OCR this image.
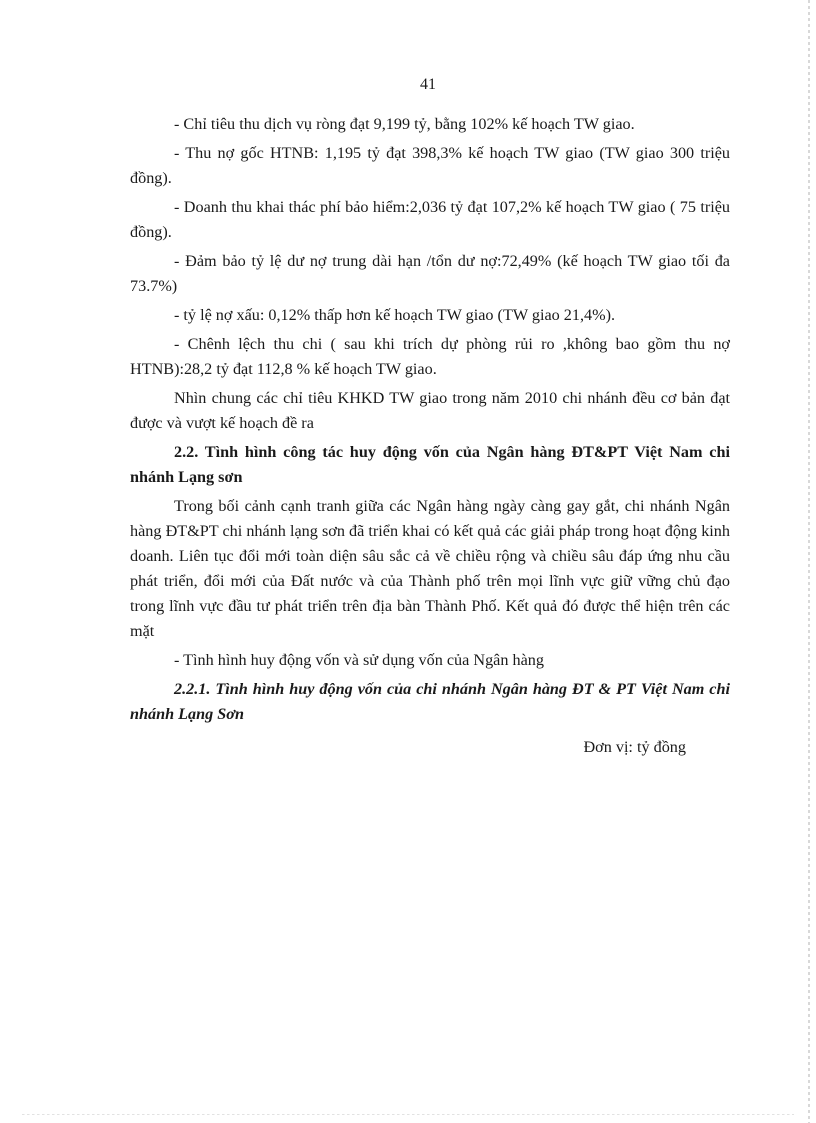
41

- Chỉ tiêu thu dịch vụ ròng đạt 9,199 tỷ, bằng 102% kế hoạch TW giao.

- Thu nợ gốc HTNB: 1,195 tỷ đạt 398,3% kế hoạch TW giao (TW giao 300 triệu đồng).

- Doanh thu khai thác phí bảo hiểm:2,036 tỷ đạt 107,2% kế hoạch TW giao ( 75 triệu đồng).

- Đảm bảo tỷ lệ dư nợ trung dài hạn /tổn dư nợ:72,49% (kế hoạch TW giao tối đa 73.7%)

- tỷ lệ nợ xấu: 0,12% thấp hơn kế hoạch TW giao (TW giao 21,4%).

- Chênh lệch thu chi ( sau khi trích dự phòng rủi ro ,không bao gồm thu nợ HTNB):28,2 tỷ đạt 112,8 % kế hoạch TW giao.

Nhìn chung các chỉ tiêu KHKD TW giao trong năm 2010 chi nhánh đều cơ bản đạt được và vượt kế hoạch đề ra

2.2. Tình hình công tác huy động vốn của Ngân hàng ĐT&PT Việt Nam chi nhánh Lạng sơn

Trong bối cảnh cạnh tranh giữa các Ngân hàng ngày càng gay gắt, chi nhánh Ngân hàng ĐT&PT chi nhánh lạng sơn đã triển khai có kết quả các giải pháp trong hoạt động kinh doanh. Liên tục đổi mới toàn diện sâu sắc cả về chiều rộng và chiều sâu đáp ứng nhu cầu phát triển, đổi mới của Đất nước và của Thành phố trên mọi lĩnh vực giữ vững chủ đạo trong lĩnh vực đầu tư phát triển trên địa bàn Thành Phố. Kết quả đó được thể hiện trên các mặt

- Tình hình huy động vốn và sử dụng vốn của Ngân hàng

2.2.1. Tình hình huy động vốn của chi nhánh Ngân hàng ĐT & PT Việt Nam chi nhánh Lạng Sơn

Đơn vị: tỷ đồng
